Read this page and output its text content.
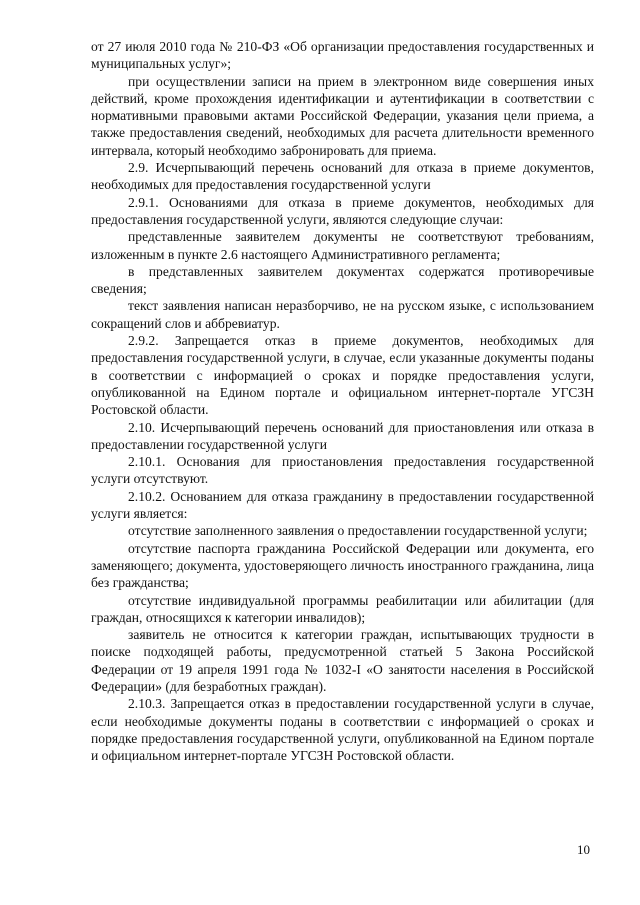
от 27 июля 2010 года № 210-ФЗ «Об организации предоставления государственных и муниципальных услуг»;

при осуществлении записи на прием в электронном виде совершения иных действий, кроме прохождения идентификации и аутентификации в соответствии с нормативными правовыми актами Российской Федерации, указания цели приема, а также предоставления сведений, необходимых для расчета длительности временного интервала, который необходимо забронировать для приема.

2.9. Исчерпывающий перечень оснований для отказа в приеме документов, необходимых для предоставления государственной услуги

2.9.1. Основаниями для отказа в приеме документов, необходимых для предоставления государственной услуги, являются следующие случаи:

представленные заявителем документы не соответствуют требованиям, изложенным в пункте 2.6 настоящего Административного регламента;

в представленных заявителем документах содержатся противоречивые сведения;

текст заявления написан неразборчиво, не на русском языке, с использованием сокращений слов и аббревиатур.

2.9.2. Запрещается отказ в приеме документов, необходимых для предоставления государственной услуги, в случае, если указанные документы поданы в соответствии с информацией о сроках и порядке предоставления услуги, опубликованной на Едином портале и официальном интернет-портале УГСЗН Ростовской области.

2.10. Исчерпывающий перечень оснований для приостановления или отказа в предоставлении государственной услуги

2.10.1. Основания для приостановления предоставления государственной услуги отсутствуют.

2.10.2. Основанием для отказа гражданину в предоставлении государственной услуги является:

отсутствие заполненного заявления о предоставлении государственной услуги;

отсутствие паспорта гражданина Российской Федерации или документа, его заменяющего; документа, удостоверяющего личность иностранного гражданина, лица без гражданства;

отсутствие индивидуальной программы реабилитации или абилитации (для граждан, относящихся к категории инвалидов);

заявитель не относится к категории граждан, испытывающих трудности в поиске подходящей работы, предусмотренной статьей 5 Закона Российской Федерации от 19 апреля 1991 года № 1032-I «О занятости населения в Российской Федерации» (для безработных граждан).

2.10.3. Запрещается отказ в предоставлении государственной услуги в случае, если необходимые документы поданы в соответствии с информацией о сроках и порядке предоставления государственной услуги, опубликованной на Едином портале и официальном интернет-портале УГСЗН Ростовской области.

10
